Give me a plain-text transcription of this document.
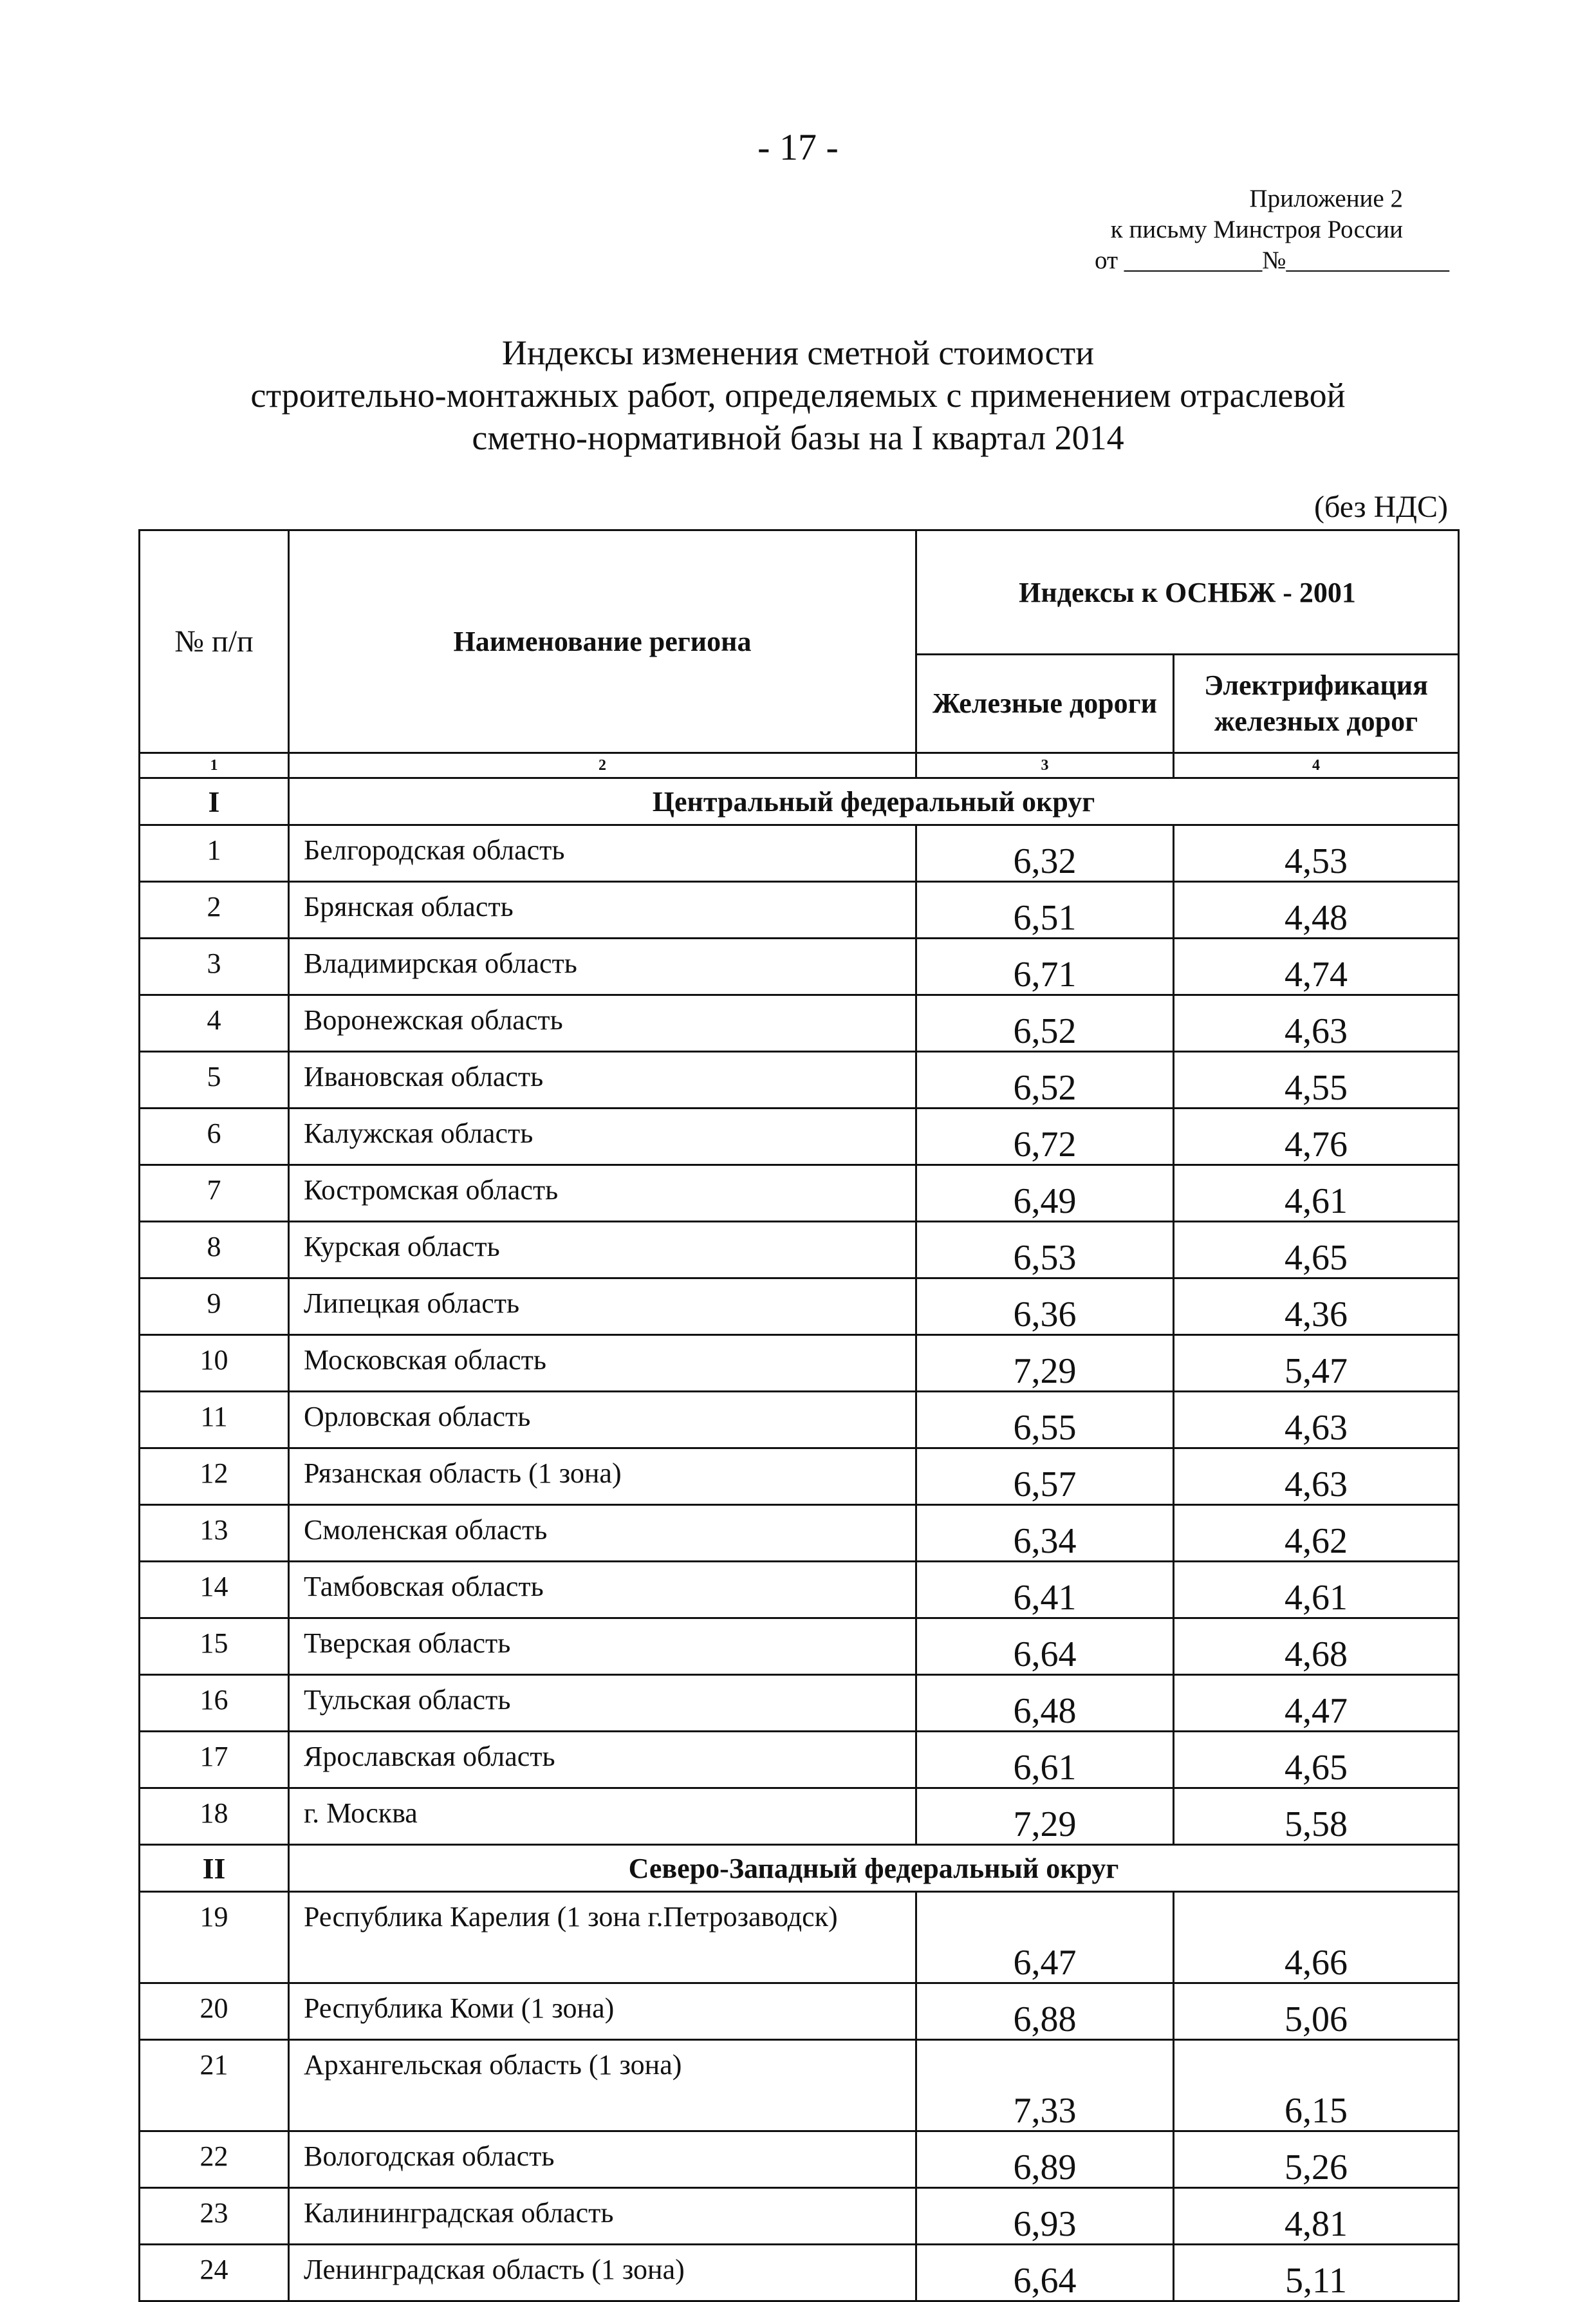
- 17 -
Приложение 2
к письму Минстроя России
от ___________№_____________
Индексы изменения сметной стоимости
строительно-монтажных работ, определяемых с применением отраслевой
сметно-нормативной базы на I квартал 2014
(без НДС)
№ п/п	Наименование региона	Индексы к ОСНБЖ - 2001	
		Железные дороги	Электрификация железных дорог
1	2	3	4
I	Центральный федеральный округ		
1	Белгородская область	6,32	4,53
2	Брянская область	6,51	4,48
3	Владимирская область	6,71	4,74
4	Воронежская область	6,52	4,63
5	Ивановская область	6,52	4,55
6	Калужская область	6,72	4,76
7	Костромская область	6,49	4,61
8	Курская область	6,53	4,65
9	Липецкая область	6,36	4,36
10	Московская область	7,29	5,47
11	Орловская область	6,55	4,63
12	Рязанская область (1 зона)	6,57	4,63
13	Смоленская область	6,34	4,62
14	Тамбовская область	6,41	4,61
15	Тверская область	6,64	4,68
16	Тульская область	6,48	4,47
17	Ярославская область	6,61	4,65
18	г. Москва	7,29	5,58
II	Северо-Западный федеральный округ		
19	Республика Карелия (1 зона г.Петрозаводск)	6,47	4,66
20	Республика Коми (1 зона)	6,88	5,06
21	Архангельская область (1 зона)	7,33	6,15
22	Вологодская область	6,89	5,26
23	Калининградская область	6,93	4,81
24	Ленинградская область (1 зона)	6,64	5,11
